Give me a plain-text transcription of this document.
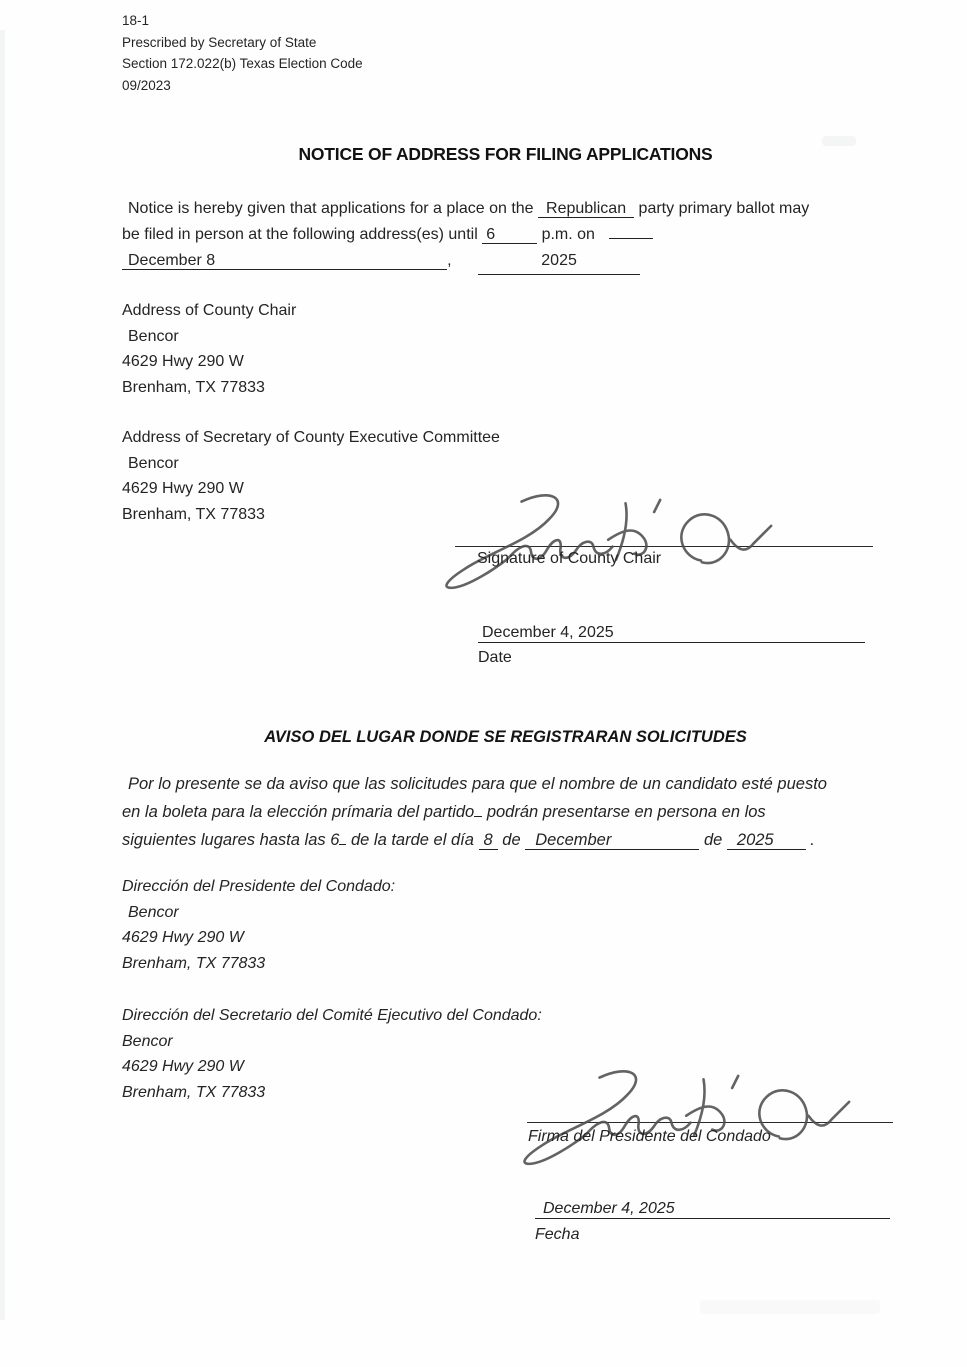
18-1
Prescribed by Secretary of State
Section 172.022(b) Texas Election Code
09/2023
NOTICE OF ADDRESS FOR FILING APPLICATIONS
Notice is hereby given that applications for a place on the Republican party primary ballot may
be filed in person at the following address(es) until 6	p.m. on
December 8	,	2025
Address of County Chair
Bencor
4629 Hwy 290 W
Brenham, TX 77833
Address of Secretary of County Executive Committee
Bencor
4629 Hwy 290 W
Brenham, TX 77833
Signature of County Chair
December 4, 2025
Date
AVISO DEL LUGAR DONDE SE REGISTRARAN SOLICITUDES
Por lo presente se da aviso que las solicitudes para que el nombre de un candidato esté puesto
en la boleta para la elección prímaria del partido podrán presentarse en persona en los
siguientes lugares hasta las 6 de la tarde el día 8 de December	de 2025 .
Dirección del Presidente del Condado:
Bencor
4629 Hwy 290 W
Brenham, TX 77833
Dirección del Secretario del Comité Ejecutivo del Condado:
Bencor
4629 Hwy 290 W
Brenham, TX 77833
Firma del Presidente del Condado
December 4, 2025
Fecha
